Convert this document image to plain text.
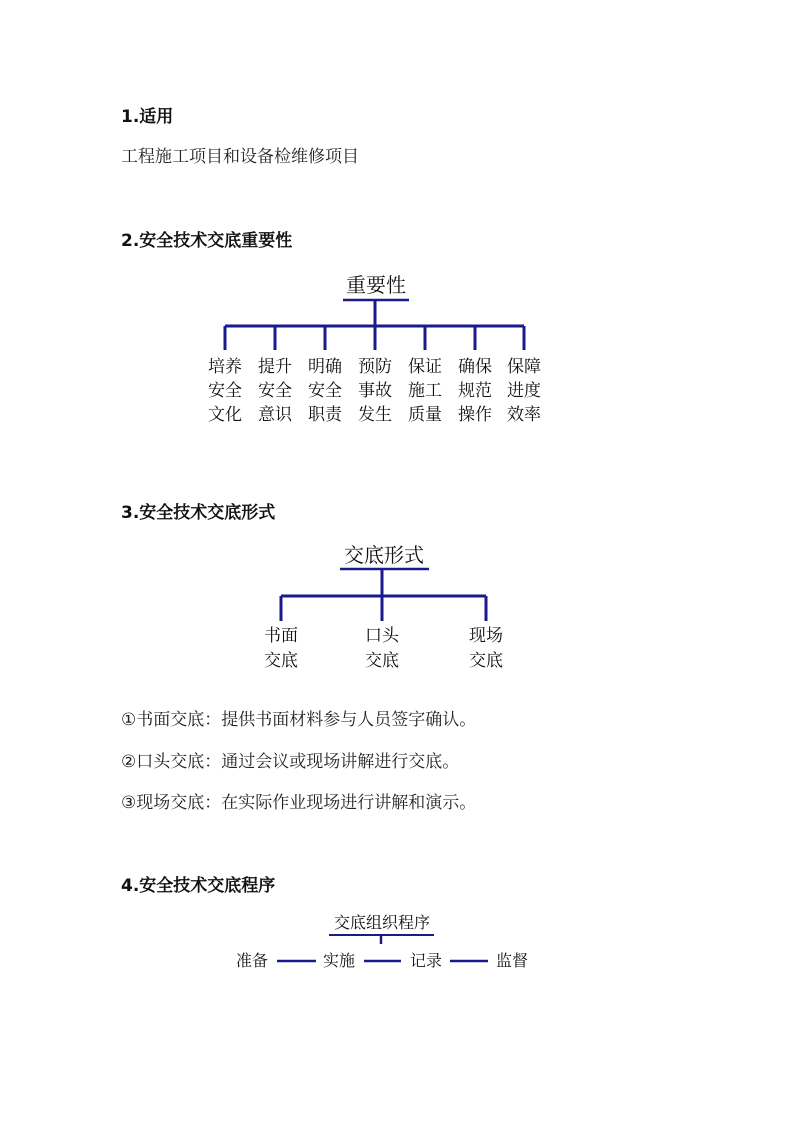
1.适用

工程施工项目和设备检维修项目

2.安全技术交底重要性
重要性
培养
安全
文化
提升
安全
意识
明确
安全
职责
预防
事故
发生
保证
施工
质量
确保
规范
操作
保障
进度
效率
3.安全技术交底形式
交底形式
书面
交底
口头
交底
现场
交底

①书面交底：提供书面材料参与人员签字确认。

②口头交底：通过会议或现场讲解进行交底。

③现场交底：在实际作业现场进行讲解和演示。

4.安全技术交底程序
交底组织程序
准备	实施	记录	监督
